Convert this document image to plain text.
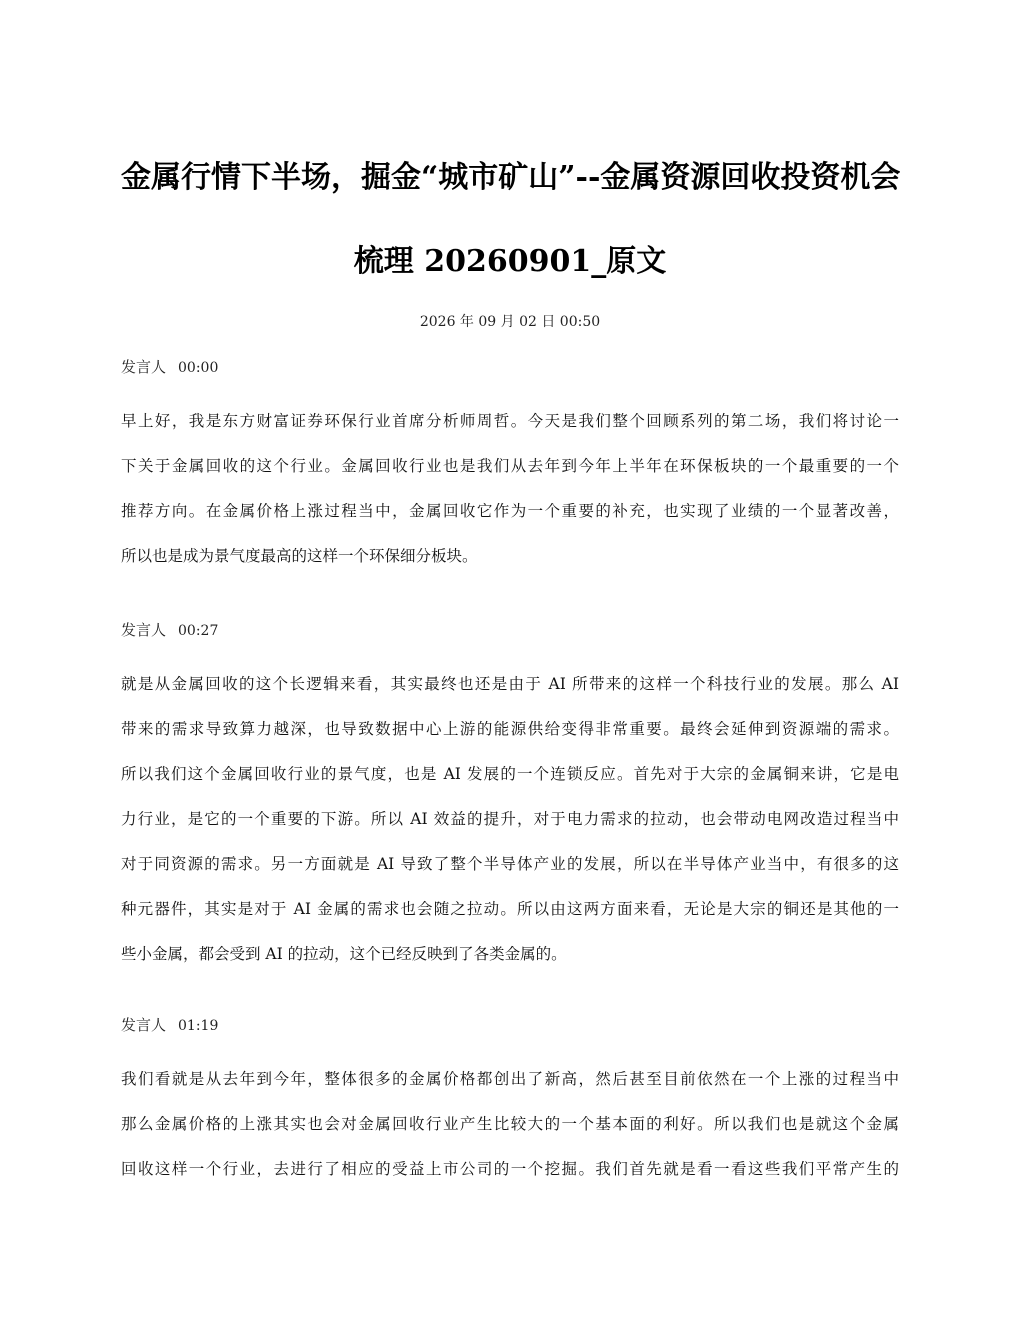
金属行情下半场，掘金“城市矿山”--金属资源回收投资机会
梳理 20260901_原文
2026 年 09 月 02 日 00:50
发言人 00:00

早上好，我是东方财富证券环保行业首席分析师周哲。今天是我们整个回顾系列的第二场，我们将讨论一
下关于金属回收的这个行业。金属回收行业也是我们从去年到今年上半年在环保板块的一个最重要的一个
推荐方向。在金属价格上涨过程当中，金属回收它作为一个重要的补充，也实现了业绩的一个显著改善，
所以也是成为景气度最高的这样一个环保细分板块。

发言人 00:27

就是从金属回收的这个长逻辑来看，其实最终也还是由于 AI 所带来的这样一个科技行业的发展。那么 AI
带来的需求导致算力越深，也导致数据中心上游的能源供给变得非常重要。最终会延伸到资源端的需求。
所以我们这个金属回收行业的景气度，也是 AI 发展的一个连锁反应。首先对于大宗的金属铜来讲，它是电
力行业，是它的一个重要的下游。所以 AI 效益的提升，对于电力需求的拉动，也会带动电网改造过程当中
对于同资源的需求。另一方面就是 AI 导致了整个半导体产业的发展，所以在半导体产业当中，有很多的这
种元器件，其实是对于 AI 金属的需求也会随之拉动。所以由这两方面来看，无论是大宗的铜还是其他的一
些小金属，都会受到 AI 的拉动，这个已经反映到了各类金属的。

发言人 01:19

我们看就是从去年到今年，整体很多的金属价格都创出了新高，然后甚至目前依然在一个上涨的过程当中
那么金属价格的上涨其实也会对金属回收行业产生比较大的一个基本面的利好。所以我们也是就这个金属
回收这样一个行业，去进行了相应的受益上市公司的一个挖掘。我们首先就是看一看这些我们平常产生的
